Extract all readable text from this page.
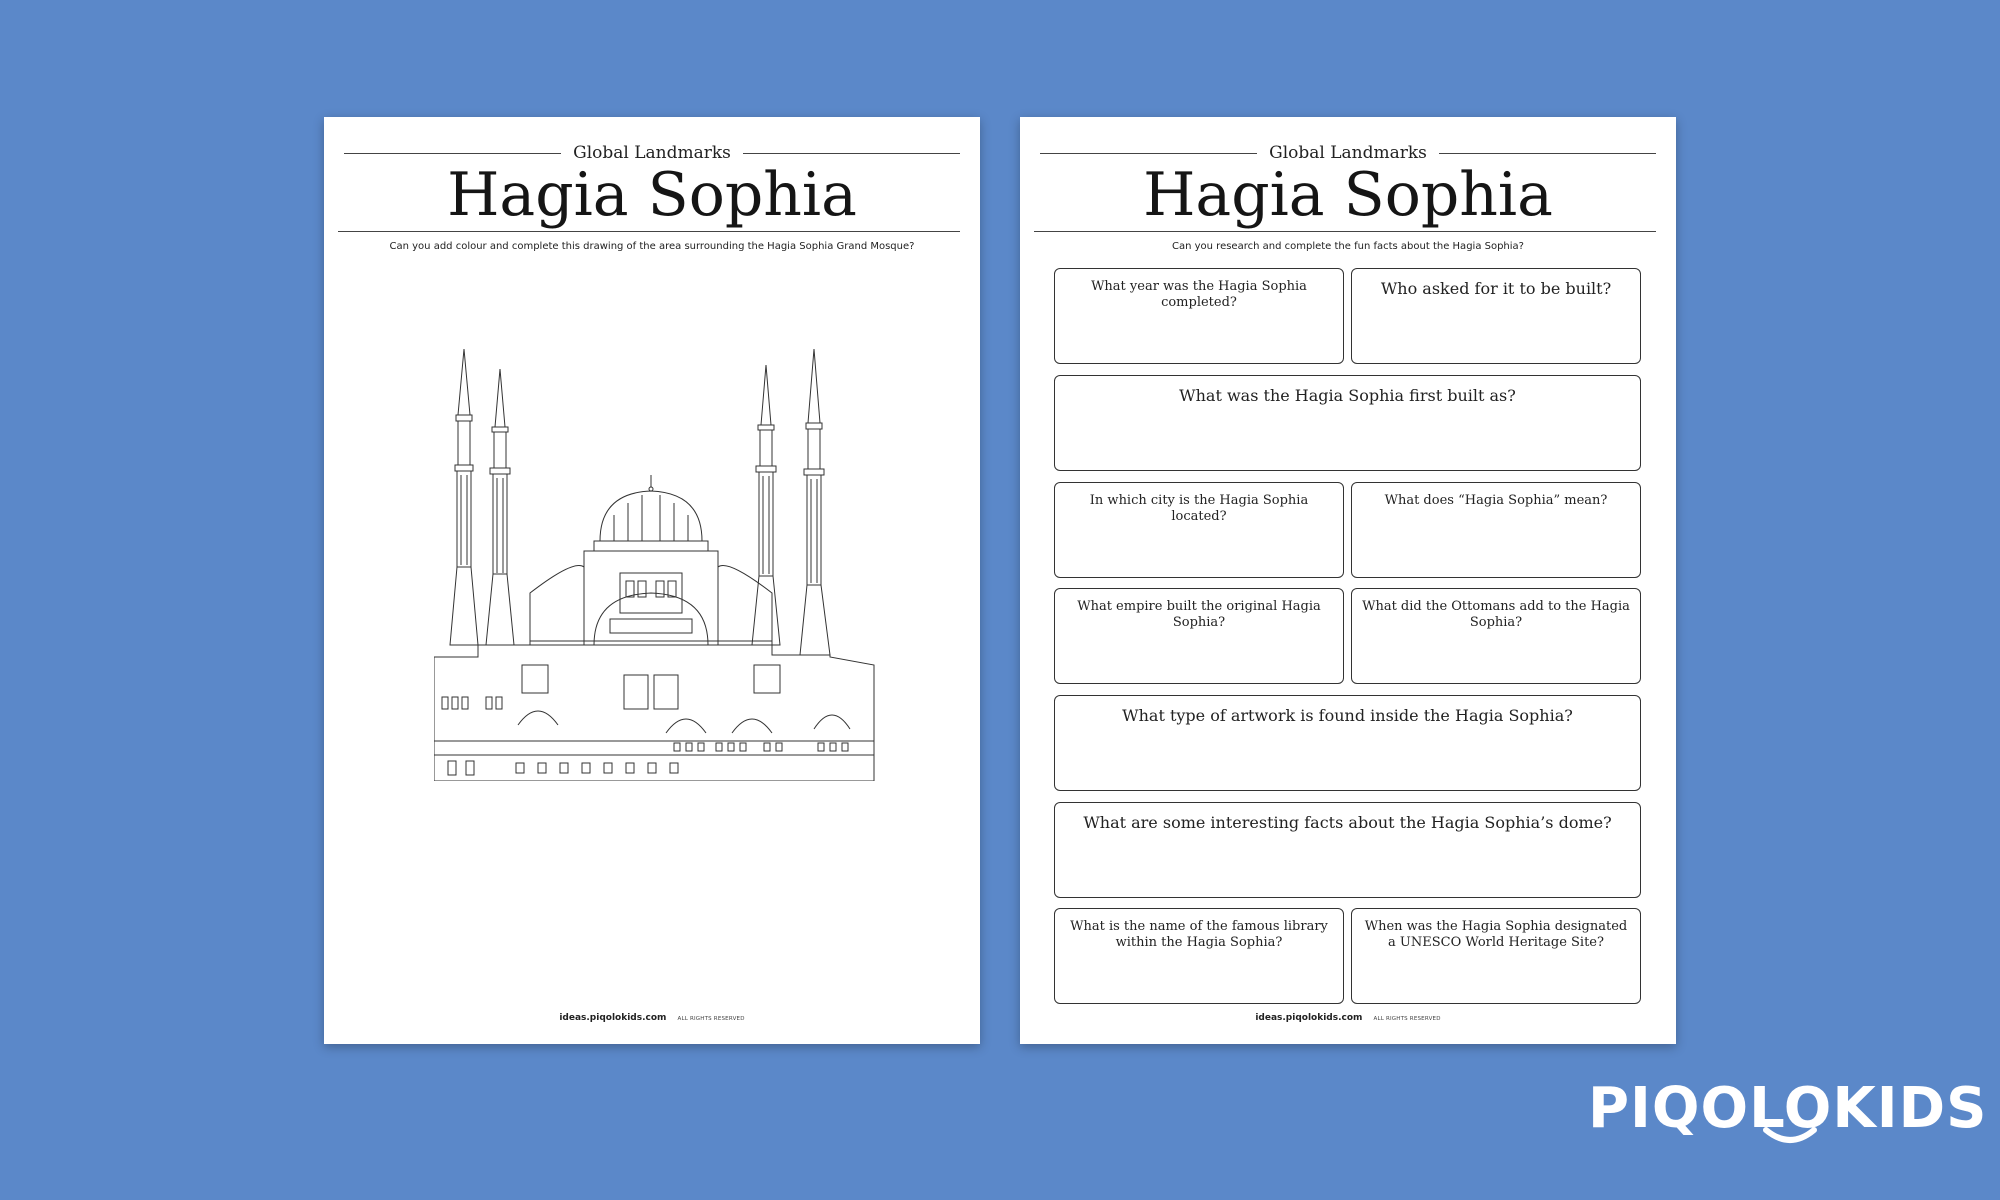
Global Landmarks
Hagia Sophia
Can you add colour and complete this drawing of the area surrounding the Hagia Sophia Grand Mosque?
ideas.piqolokids.com ALL RIGHTS RESERVED
Global Landmarks
Hagia Sophia
Can you research and complete the fun facts about the Hagia Sophia?
What year was the Hagia Sophia completed?
Who asked for it to be built?
What was the Hagia Sophia first built as?
In which city is the Hagia Sophia located?
What does “Hagia Sophia” mean?
What empire built the original Hagia Sophia?
What did the Ottomans add to the Hagia Sophia?
What type of artwork is found inside the Hagia Sophia?
What are some interesting facts about the Hagia Sophia’s dome?
What is the name of the famous library within the Hagia Sophia?
When was the Hagia Sophia designated a UNESCO World Heritage Site?
ideas.piqolokids.com ALL RIGHTS RESERVED
PIQOLOKIDS
